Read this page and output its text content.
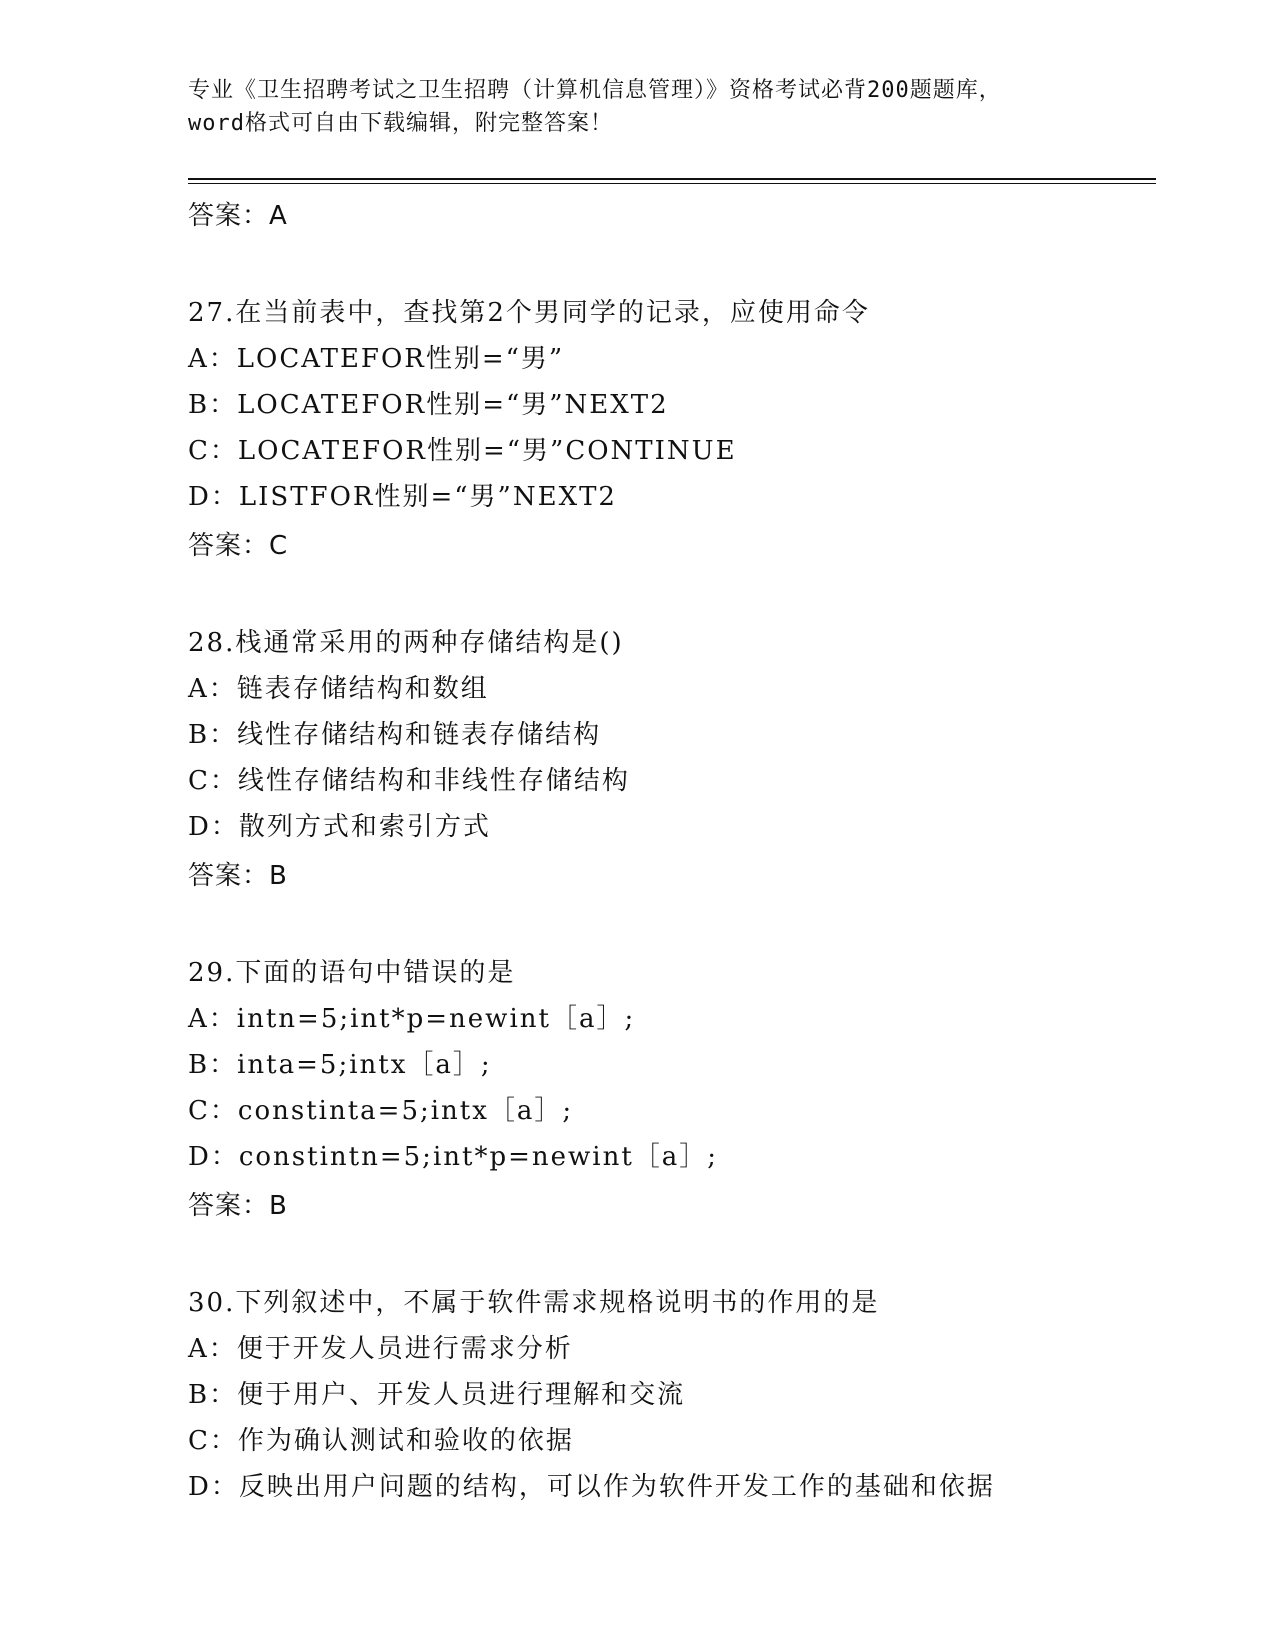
专业《卫生招聘考试之卫生招聘（计算机信息管理）》资格考试必背200题题库，
word格式可自由下载编辑，附完整答案！
答案：A
27.在当前表中，查找第2个男同学的记录，应使用命令
A：LOCATEFOR性别=“男”
B：LOCATEFOR性别=“男”NEXT2
C：LOCATEFOR性别=“男”CONTINUE
D：LISTFOR性别=“男”NEXT2
答案：C
28.栈通常采用的两种存储结构是()
A：链表存储结构和数组
B：线性存储结构和链表存储结构
C：线性存储结构和非线性存储结构
D：散列方式和索引方式
答案：B
29.下面的语句中错误的是
A：intn=5;int*p=newint［a］;
B：inta=5;intx［a］;
C：constinta=5;intx［a］;
D：constintn=5;int*p=newint［a］;
答案：B
30.下列叙述中，不属于软件需求规格说明书的作用的是
A：便于开发人员进行需求分析
B：便于用户、开发人员进行理解和交流
C：作为确认测试和验收的依据
D：反映出用户问题的结构，可以作为软件开发工作的基础和依据
